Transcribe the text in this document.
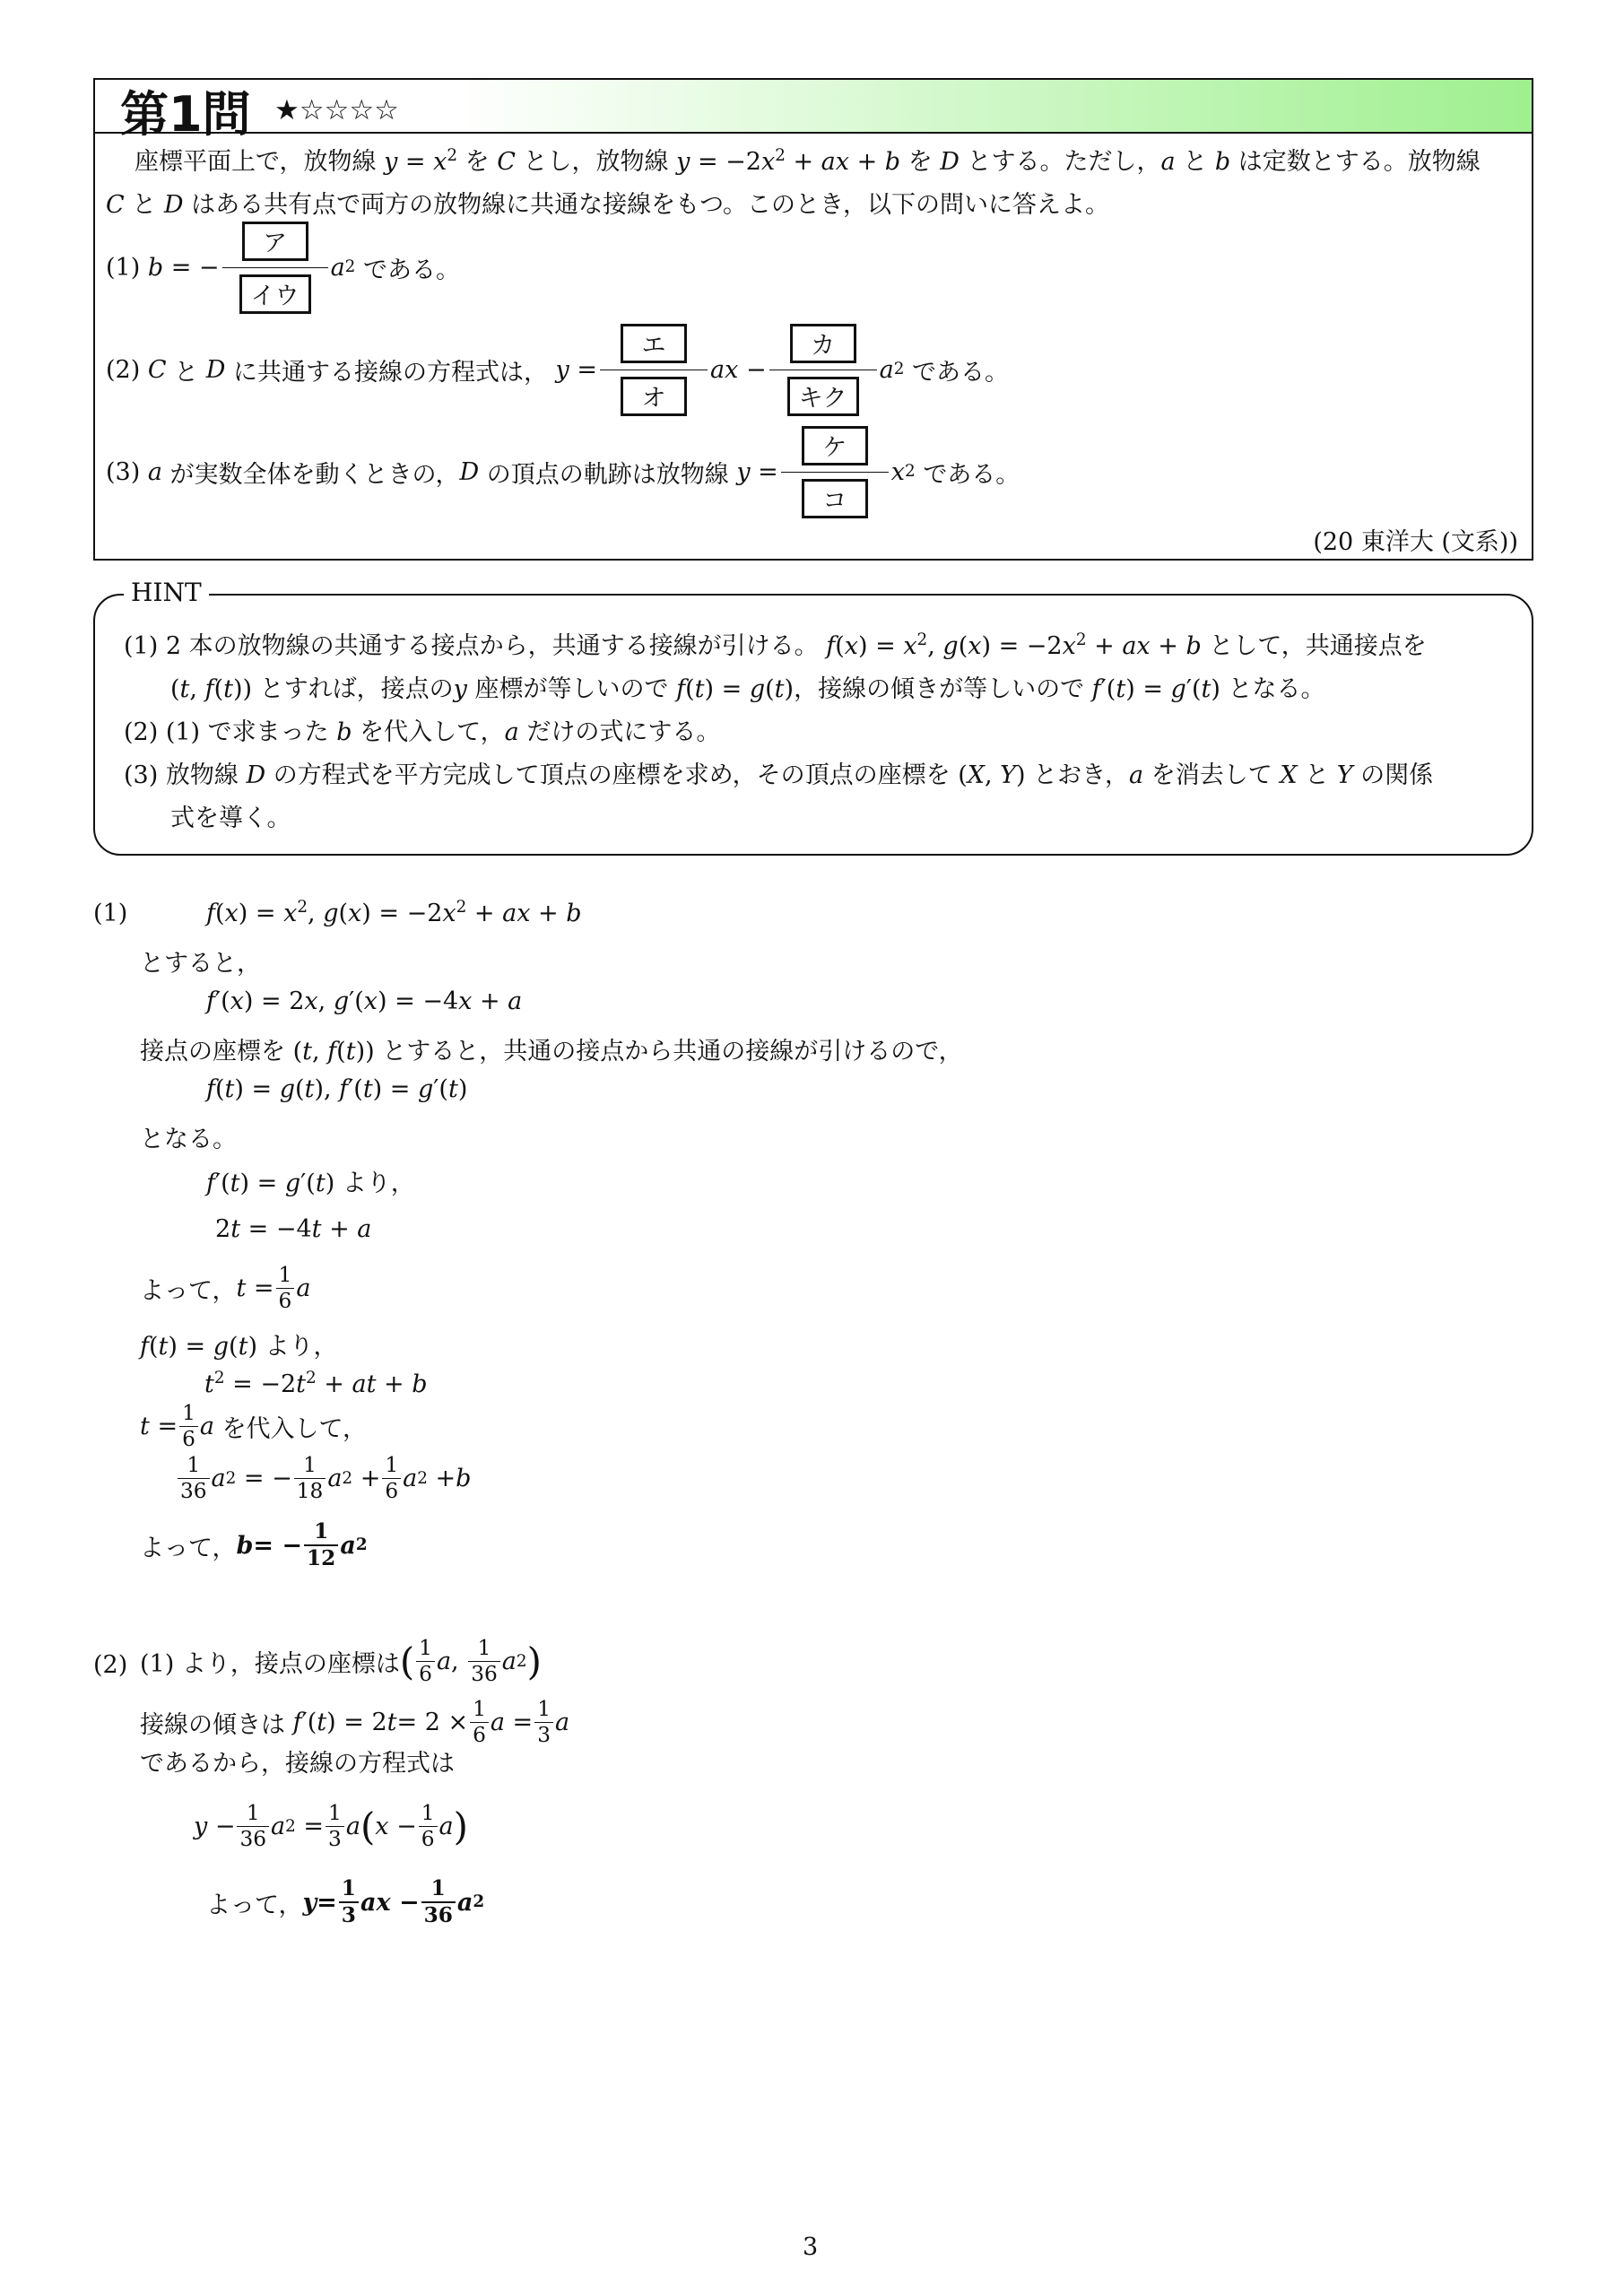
第1問 ★☆☆☆☆
座標平面上で，放物線 $y = x^2$ を C とし，放物線 $y = -2x^2$ + ax + b を D とする。ただし，a と b は定数とする。放物線
C と D はある共有点で両方の放物線に共通な接線をもつ。このとき，以下の問いに答えよ。
(1)
b = −
ア
イウ
a 2
である。
(2)
C
と
D
に共通する接線の方程式は，
y =
エ
オ
ax −
カ
キク
a 2
である。
(3)
a
が実数全体を動くときの， D
の頂点の軌跡は放物線
y =
ケ
コ
x 2
である。
(20 東洋大 (文系))
HINT
(1) 2 本の放物線の共通する接点から，共通する接線が引ける。 $f(x) = x^2$, $g(x) = -2x^2$ + ax + b として，共通接点を
(t, f(t)) とすれば，接点のy 座標が等しいので f(t) = g(t)，接線の傾きが等しいので f′(t) = g′(t) となる。
(2) (1) で求まった b を代入して，a だけの式にする。
(3) 放物線 D の方程式を平方完成して頂点の座標を求め，その頂点の座標を (X, Y) とおき，a を消去して X と Y の関係
式を導く。
(1)	$f(x) = x^2$, $g(x) = -2x^2$ + ax + b
とすると，
f′(x) = 2x, g′(x) = −4x + a
接点の座標を (t, f(t)) とすると，共通の接点から共通の接線が引けるので，
f(t) = g(t), f′(t) = g′(t)
となる。
f′(t) = g′(t) より，
2t = −4t + a
よって， $t = \frac{1}{6}$ a
f(t) = g(t) より，
$t^2 = -2t^2$ + at + b
$t = \frac{1}{6}$ a
を代入して，
$\frac{1}{36}$ a 2 = − $\frac{1}{18}$ a $2 + \frac{1}{6}$ a 2 + b
よって， b = − $\frac{1}{12}$ a 2
(2) (1) より，接点の座標は ( $\frac{1}{6}$ a , $\frac{1}{36}$ a 2 )
接線の傾きは
f ′( t ) = 2 $t = 2 \times \frac{1}{6}$ $a = \frac{1}{3}$ a
であるから，接線の方程式は
$y - \frac{1}{36}$ a $2 = \frac{1}{3}$ a ( $x - \frac{1}{6}$ a )
よって， $y = \frac{1}{3}$ ax − $\frac{1}{36}$ a 2
3
